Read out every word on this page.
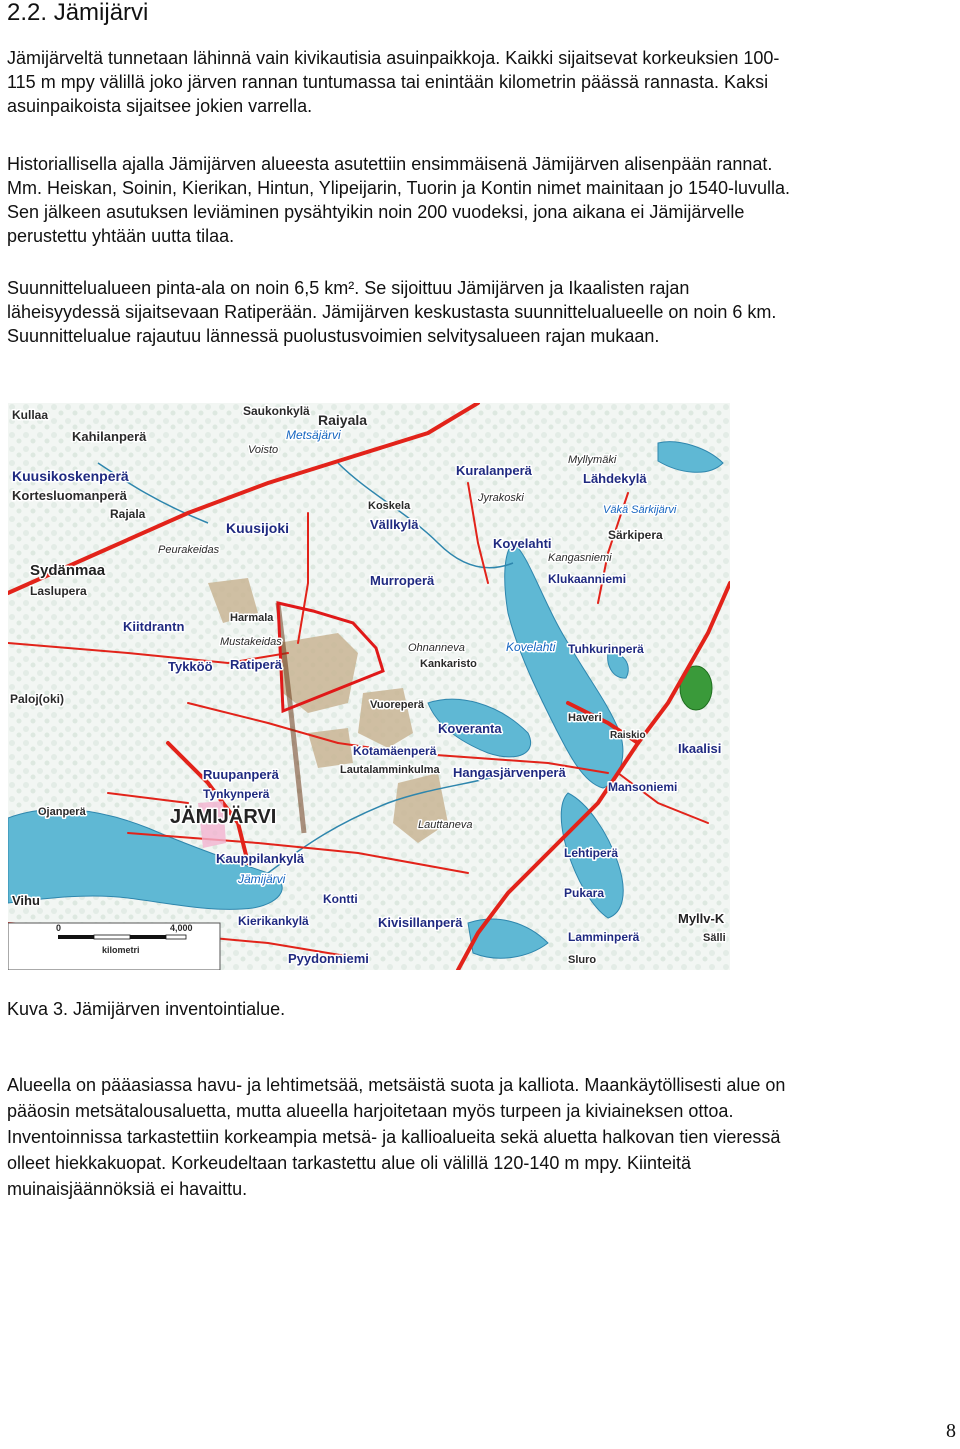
2.2. Jämijärvi

Jämijärveltä tunnetaan lähinnä vain kivikautisia asuinpaikkoja. Kaikki sijaitsevat korkeuksien 100-
115 m mpy välillä joko järven rannan tuntumassa tai enintään kilometrin päässä rannasta. Kaksi
asuinpaikoista sijaitsee jokien varrella.

Historiallisella ajalla Jämijärven alueesta asutettiin ensimmäisenä Jämijärven alisenpään rannat.
Mm. Heiskan, Soinin, Kierikan, Hintun, Ylipeijarin, Tuorin ja Kontin nimet mainitaan jo 1540-luvulla.
Sen jälkeen asutuksen leviäminen pysähtyikin noin 200 vuodeksi, jona aikana ei Jämijärvelle
perustettu yhtään uutta tilaa.

Suunnittelualueen pinta-ala on noin 6,5 km². Se sijoittuu Jämijärven ja Ikaalisten rajan
läheisyydessä sijaitsevaan Ratiperään. Jämijärven keskustasta suunnittelualueelle on noin 6 km.
Suunnittelualue rajautuu lännessä puolustusvoimien selvitysalueen rajan mukaan.

Saukonkylä
Raiyala
Kullaa
Kahilanperä	Metsäjärvi
Voisto
Kuusikoskenperä
Kortesluomanperä
Rajala
Kuusijoki
Peurakeidas
Sydänmaa
Laslupera
Kiitdrantn
Harmala
Mustakeidas
Ratiperä
Tykköö
Paloj(oki)
Myllymäki
Lähdekylä
Väkä Särkijärvi
Särkipera
Koskela
Kuralanperä
Jyrakoski
Vällkylä
Koyelahti
Kangasniemi
Murroperä	Klukaanniemi
Ohnanneva	Kovelahti Tuhkurinperä
Kankaristo
Vuoreperä
Koveranta
Haveri
Raiskio
Kotamäenperä	Ikaalisi
Lautalamminkulma
Ruupanperä
Tynkynperä
Hangasjärvenperä
Mansoniemi
JÄMIJÄRVI
Ojanperä
Lauttaneva
Kauppilankylä
Jämijärvi
Lehtiperä
Pukara
Vihu	Kontti
Kivisillanperä	Myllv-K
Kierikankylä
Lamminperä	Sälli
Pyydonniemi	Sluro
0	4,000
kilometri
Kuva 3. Jämijärven inventointialue.

Alueella on pääasiassa havu- ja lehtimetsää, metsäistä suota ja kalliota. Maankäytöllisesti alue on
pääosin metsätalousaluetta, mutta alueella harjoitetaan myös turpeen ja kiviaineksen ottoa.
Inventoinnissa tarkastettiin korkeampia metsä- ja kallioalueita sekä aluetta halkovan tien vieressä
olleet hiekkakuopat. Korkeudeltaan tarkastettu alue oli välillä 120-140 m mpy. Kiinteitä
muinaisjäännöksiä ei havaittu.

8
